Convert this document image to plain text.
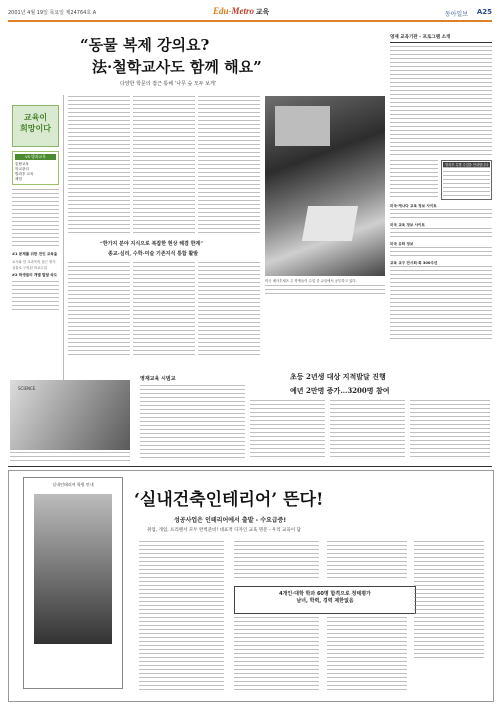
2001년 4월 19일 목요일 제24764호 A	Edu-Metro 교육	동아일보 A25
“동물 복제 강의요?
法·철학교사도 함께 해요”
다양한 학문의 접근 통해 ‘나무 숲 모두 보게’
교육이
희망이다
VS 방과교육
통합교육
학교관리
방과후 교육
체험
#1 문제를 위한 전인 교육을
교사와 한 교과목의 접근 방식
실물로 구성된 학교수업
#2 학생들의 개별 발달 속도
“한가지 분야 지식으로 복잡한 현상 해결 한계”
종교-심리, 수학-미술 기존지식 통합 활발
미국 메사추세츠 주 학생들이 수업 중 교실에서 공부하고 있다.
영재 교육기관 - 프로그램 소개
방과후 특별 수업을 안내합니다
미국·캐나다 교육 정보 사이트
미국 교육 정보 사이트
미국 유학 정보
교육 교구 전시회·특 300주년
SCIENCE
영재교육 시범교	초등 2년생 대상 지적발달 진행
예년 2만명 증가…3200명 참여
‘실내건축인테리어’ 뜬다!
성공사업은 인테리어에서 출발 - 수요급증!
취업, 개업, 프리랜서 모두 완벽준비! 대표적 디자인 교육 명문 - 우리 교육이 답
실내인테리어 학원 안내
4개인·대학 학과 60명 합격으로 정태평가
남녀, 학력, 경력 제한없음
